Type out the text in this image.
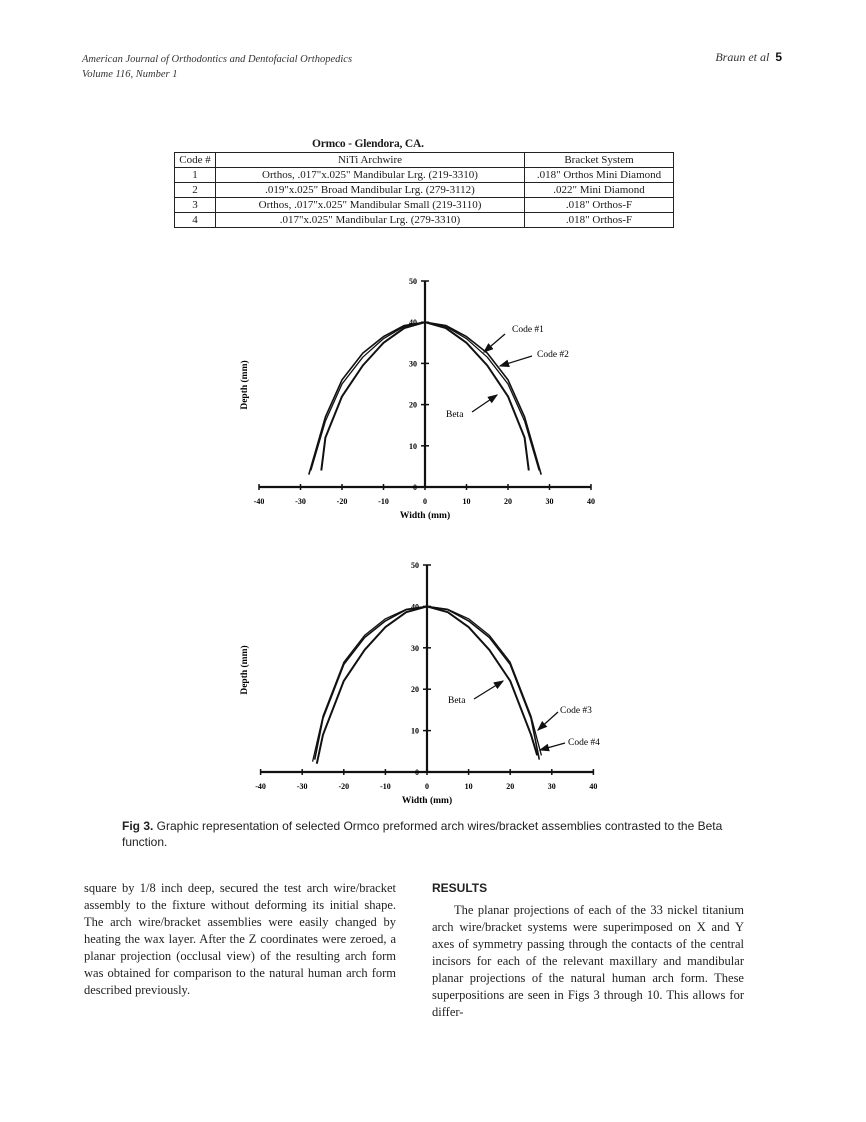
American Journal of Orthodontics and Dentofacial Orthopedics
Volume 116, Number 1
Braun et al 5
Ormco - Glendora, CA.
Code #	NiTi Archwire	Bracket System
1	Orthos, .017"x.025" Mandibular Lrg. (219-3310)	.018" Orthos Mini Diamond
2	.019"x.025" Broad Mandibular Lrg. (279-3112)	.022" Mini Diamond
3	Orthos, .017"x.025" Mandibular Small (219-3110)	.018" Orthos-F
4	.017"x.025" Mandibular Lrg. (279-3310)	.018" Orthos-F
-40	-30	-20	-10	0	10	20	30	40
0
10
20
30
40
50
Width (mm)
Depth (mm)
Code #1
Code #2
Beta
-40	-30	-20	-10	0	10	20	30	40
0
10
20
30
40
50
Width (mm)
Depth (mm)
Beta
Code #3
Code #4
Fig 3. Graphic representation of selected Ormco preformed arch wires/bracket assemblies contrasted to the Beta function.
square by 1/8 inch deep, secured the test arch wire/bracket assembly to the fixture without deforming its initial shape. The arch wire/bracket assemblies were easily changed by heating the wax layer. After the Z coordinates were zeroed, a planar projection (occlusal view) of the resulting arch form was obtained for comparison to the natural human arch form described previously.
RESULTS
The planar projections of each of the 33 nickel titanium arch wire/bracket systems were superimposed on X and Y axes of symmetry passing through the contacts of the central incisors for each of the relevant maxillary and mandibular planar projections of the natural human arch form. These superpositions are seen in Figs 3 through 10. This allows for differ-
